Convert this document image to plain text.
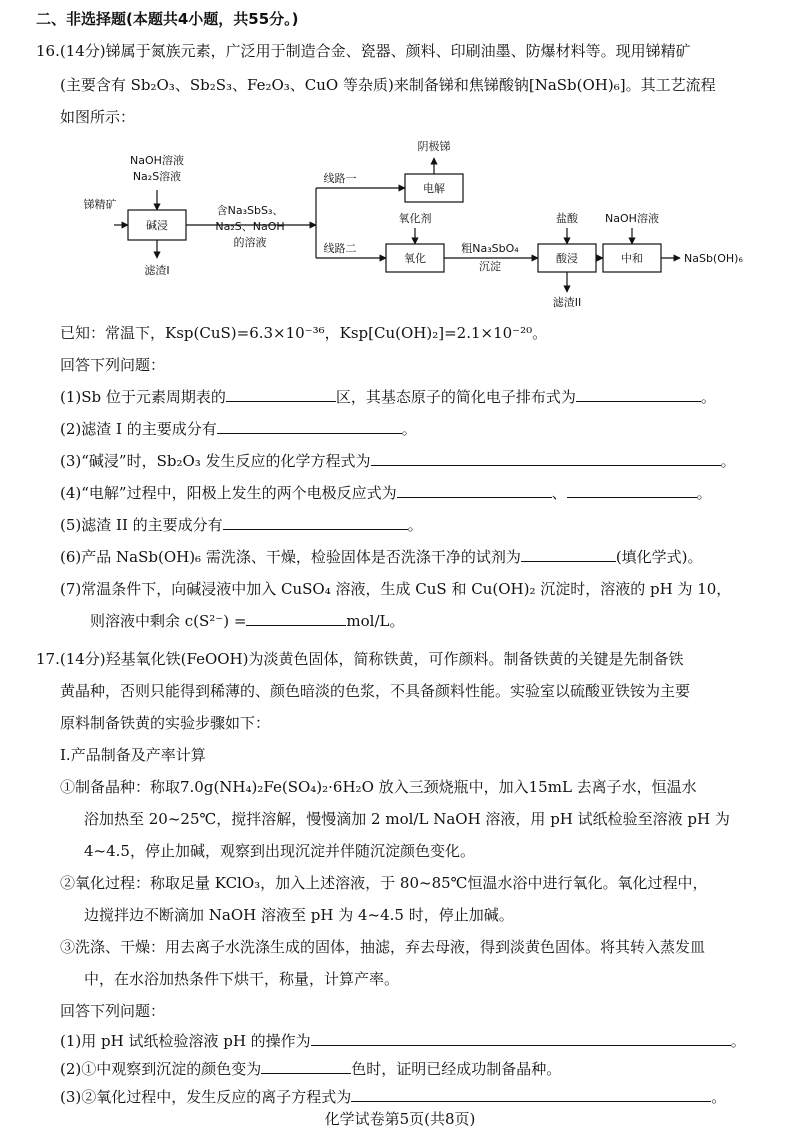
二、非选择题(本题共4小题，共55分。)
16.(14分)锑属于氮族元素，广泛用于制造合金、瓷器、颜料、印刷油墨、防爆材料等。现用锑精矿
(主要含有 Sb₂O₃、Sb₂S₃、Fe₂O₃、CuO 等杂质)来制备锑和焦锑酸钠[NaSb(OH)₆]。其工艺流程
如图所示：
锑精矿
NaOH溶液
Na₂S溶液
碱浸
滤渣I
含Na₃SbS₃、
Na₂S、NaOH
的溶液
线路一
线路二
电解
阴极锑
氧化剂
氧化
粗Na₃SbO₄
沉淀
盐酸
酸浸
滤渣II
NaOH溶液
中和	NaSb(OH)₆
已知：常温下，Ksp(CuS)=6.3×10⁻³⁶，Ksp[Cu(OH)₂]=2.1×10⁻²⁰。
回答下列问题：
(1)Sb 位于元素周期表的	区，其基态原子的简化电子排布式为	。
(2)滤渣 I 的主要成分有	。
(3)“碱浸”时，Sb₂O₃ 发生反应的化学方程式为	。
(4)“电解”过程中，阳极上发生的两个电极反应式为	、	。
(5)滤渣 II 的主要成分有	。
(6)产品 NaSb(OH)₆ 需洗涤、干燥，检验固体是否洗涤干净的试剂为	(填化学式)。
(7)常温条件下，向碱浸液中加入 CuSO₄ 溶液，生成 CuS 和 Cu(OH)₂ 沉淀时，溶液的 pH 为 10，
则溶液中剩余 c(S²⁻) =	mol/L。
17.(14分)羟基氧化铁(FeOOH)为淡黄色固体，简称铁黄，可作颜料。制备铁黄的关键是先制备铁
黄晶种，否则只能得到稀薄的、颜色暗淡的色浆，不具备颜料性能。实验室以硫酸亚铁铵为主要
原料制备铁黄的实验步骤如下：
I.产品制备及产率计算
①制备晶种：称取7.0g(NH₄)₂Fe(SO₄)₂·6H₂O 放入三颈烧瓶中，加入15mL 去离子水，恒温水
浴加热至 20~25℃，搅拌溶解，慢慢滴加 2 mol/L NaOH 溶液，用 pH 试纸检验至溶液 pH 为
4~4.5，停止加碱，观察到出现沉淀并伴随沉淀颜色变化。
②氧化过程：称取足量 KClO₃，加入上述溶液，于 80~85℃恒温水浴中进行氧化。氧化过程中，
边搅拌边不断滴加 NaOH 溶液至 pH 为 4~4.5 时，停止加碱。
③洗涤、干燥：用去离子水洗涤生成的固体，抽滤，弃去母液，得到淡黄色固体。将其转入蒸发皿
中，在水浴加热条件下烘干，称量，计算产率。
回答下列问题：
(1)用 pH 试纸检验溶液 pH 的操作为	。
(2)①中观察到沉淀的颜色变为	色时，证明已经成功制备晶种。
(3)②氧化过程中，发生反应的离子方程式为	。
化学试卷第5页(共8页)
